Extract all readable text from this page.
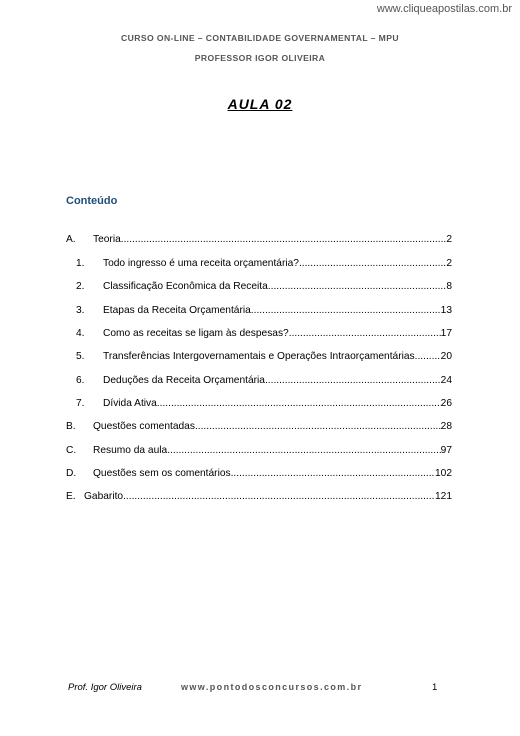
www.cliqueapostilas.com.br
CURSO ON-LINE – CONTABILIDADE GOVERNAMENTAL – MPU
PROFESSOR IGOR OLIVEIRA
AULA 02
Conteúdo
A. Teoria .....	2
1. Todo ingresso é uma receita orçamentária? .....	2
2. Classificação Econômica da Receita .....	8
3. Etapas da Receita Orçamentária .....	13
4. Como as receitas se ligam às despesas? .....	17
5. Transferências Intergovernamentais e Operações Intraorçamentárias. ..... 20
6. Deduções da Receita Orçamentária .....	24
7. Dívida Ativa. .....	26
B. Questões comentadas .....	28
C. Resumo da aula .....	97
D. Questões sem os comentários .....	102
E. Gabarito .....	121
Prof. Igor Oliveira	www.pontodosconcursos.com.br	1
